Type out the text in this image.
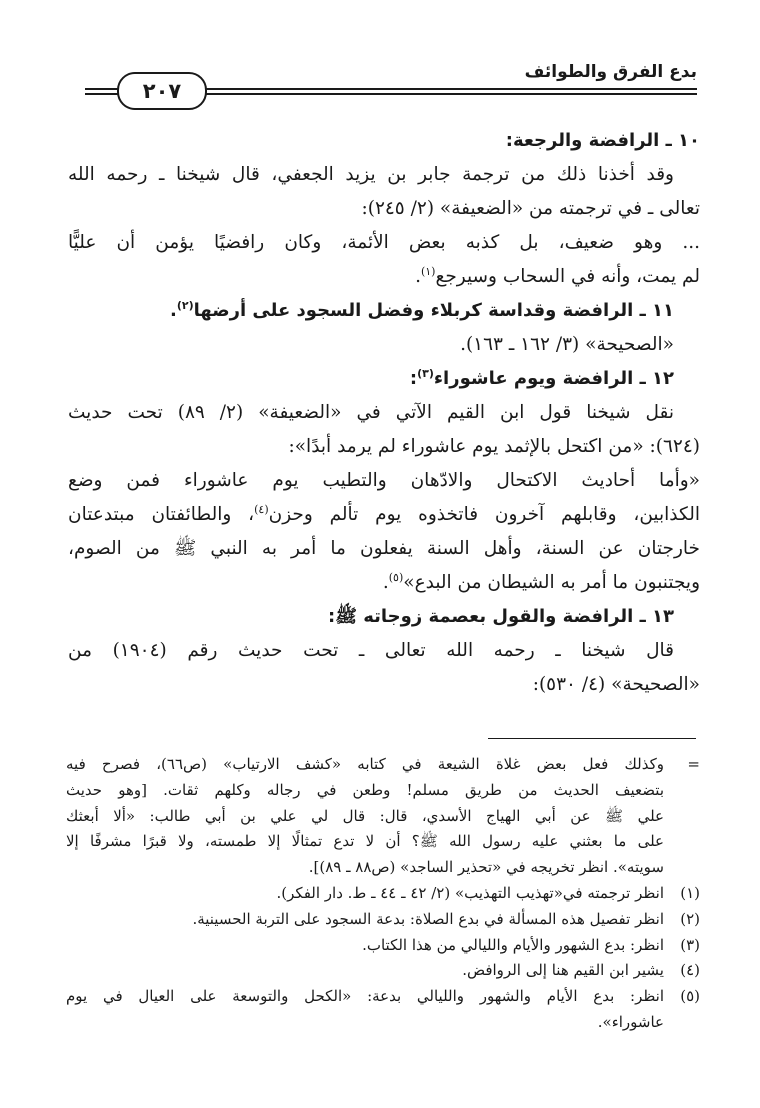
بدع الفرق والطوائف
٢٠٧
١٠ ـ الرافضة والرجعة:
وقد أخذنا ذلك من ترجمة جابر بن يزيد الجعفي، قال شيخنا ـ رحمه الله
تعالى ـ في ترجمته من «الضعيفة» (٢/ ٢٤٥):
... وهو ضعيف، بل كذبه بعض الأئمة، وكان رافضيًا يؤمن أن عليًّا
لم يمت، وأنه في السحاب وسيرجع$^{(١)}$.
١١ ـ الرافضة وقداسة كربلاء وفضل السجود على أرضها$^{(٢)}$.
«الصحيحة» (٣/ ١٦٢ ـ ١٦٣).
١٢ ـ الرافضة ويوم عاشوراء$^{(٣)}$:
نقل شيخنا قول ابن القيم الآتي في «الضعيفة» (٢/ ٨٩) تحت حديث
(٦٢٤): «من اكتحل بالإثمد يوم عاشوراء لم يرمد أبدًا»:
«وأما أحاديث الاكتحال والادّهان والتطيب يوم عاشوراء فمن وضع
الكذابين، وقابلهم آخرون فاتخذوه يوم تألم وحزن$^{(٤)}$، والطائفتان مبتدعتان
خارجتان عن السنة، وأهل السنة يفعلون ما أمر به النبي ﷺ من الصوم،
ويجتنبون ما أمر به الشيطان من البدع»$^{(٥)}$.
١٣ ـ الرافضة والقول بعصمة زوجاته ﷺ:
قال شيخنا ـ رحمه الله تعالى ـ تحت حديث رقم (١٩٠٤) من
«الصحيحة» (٤/ ٥٣٠):
=
وكذلك فعل بعض غلاة الشيعة في كتابه «كشف الارتياب» (ص٦٦)، فصرح فيه
بتضعيف الحديث من طريق مسلم! وطعن في رجاله وكلهم ثقات. [وهو حديث
علي ﷺ عن أبي الهياج الأسدي، قال: قال لي علي بن أبي طالب: «ألا أبعثك
على ما بعثني عليه رسول الله ﷺ؟ أن لا تدع تمثالًا إلا طمسته، ولا قبرًا مشرفًا إلا
سويته». انظر تخريجه في «تحذير الساجد» (ص٨٨ ـ ٨٩)].
(١)
انظر ترجمته في«تهذيب التهذيب» (٢/ ٤٢ ـ ٤٤ ـ ط. دار الفكر).
(٢)
انظر تفصيل هذه المسألة في بدع الصلاة: بدعة السجود على التربة الحسينية.
(٣)
انظر: بدع الشهور والأيام والليالي من هذا الكتاب.
(٤)
يشير ابن القيم هنا إلى الروافض.
(٥)
انظر: بدع الأيام والشهور والليالي بدعة: «الكحل والتوسعة على العيال في يوم
عاشوراء».
